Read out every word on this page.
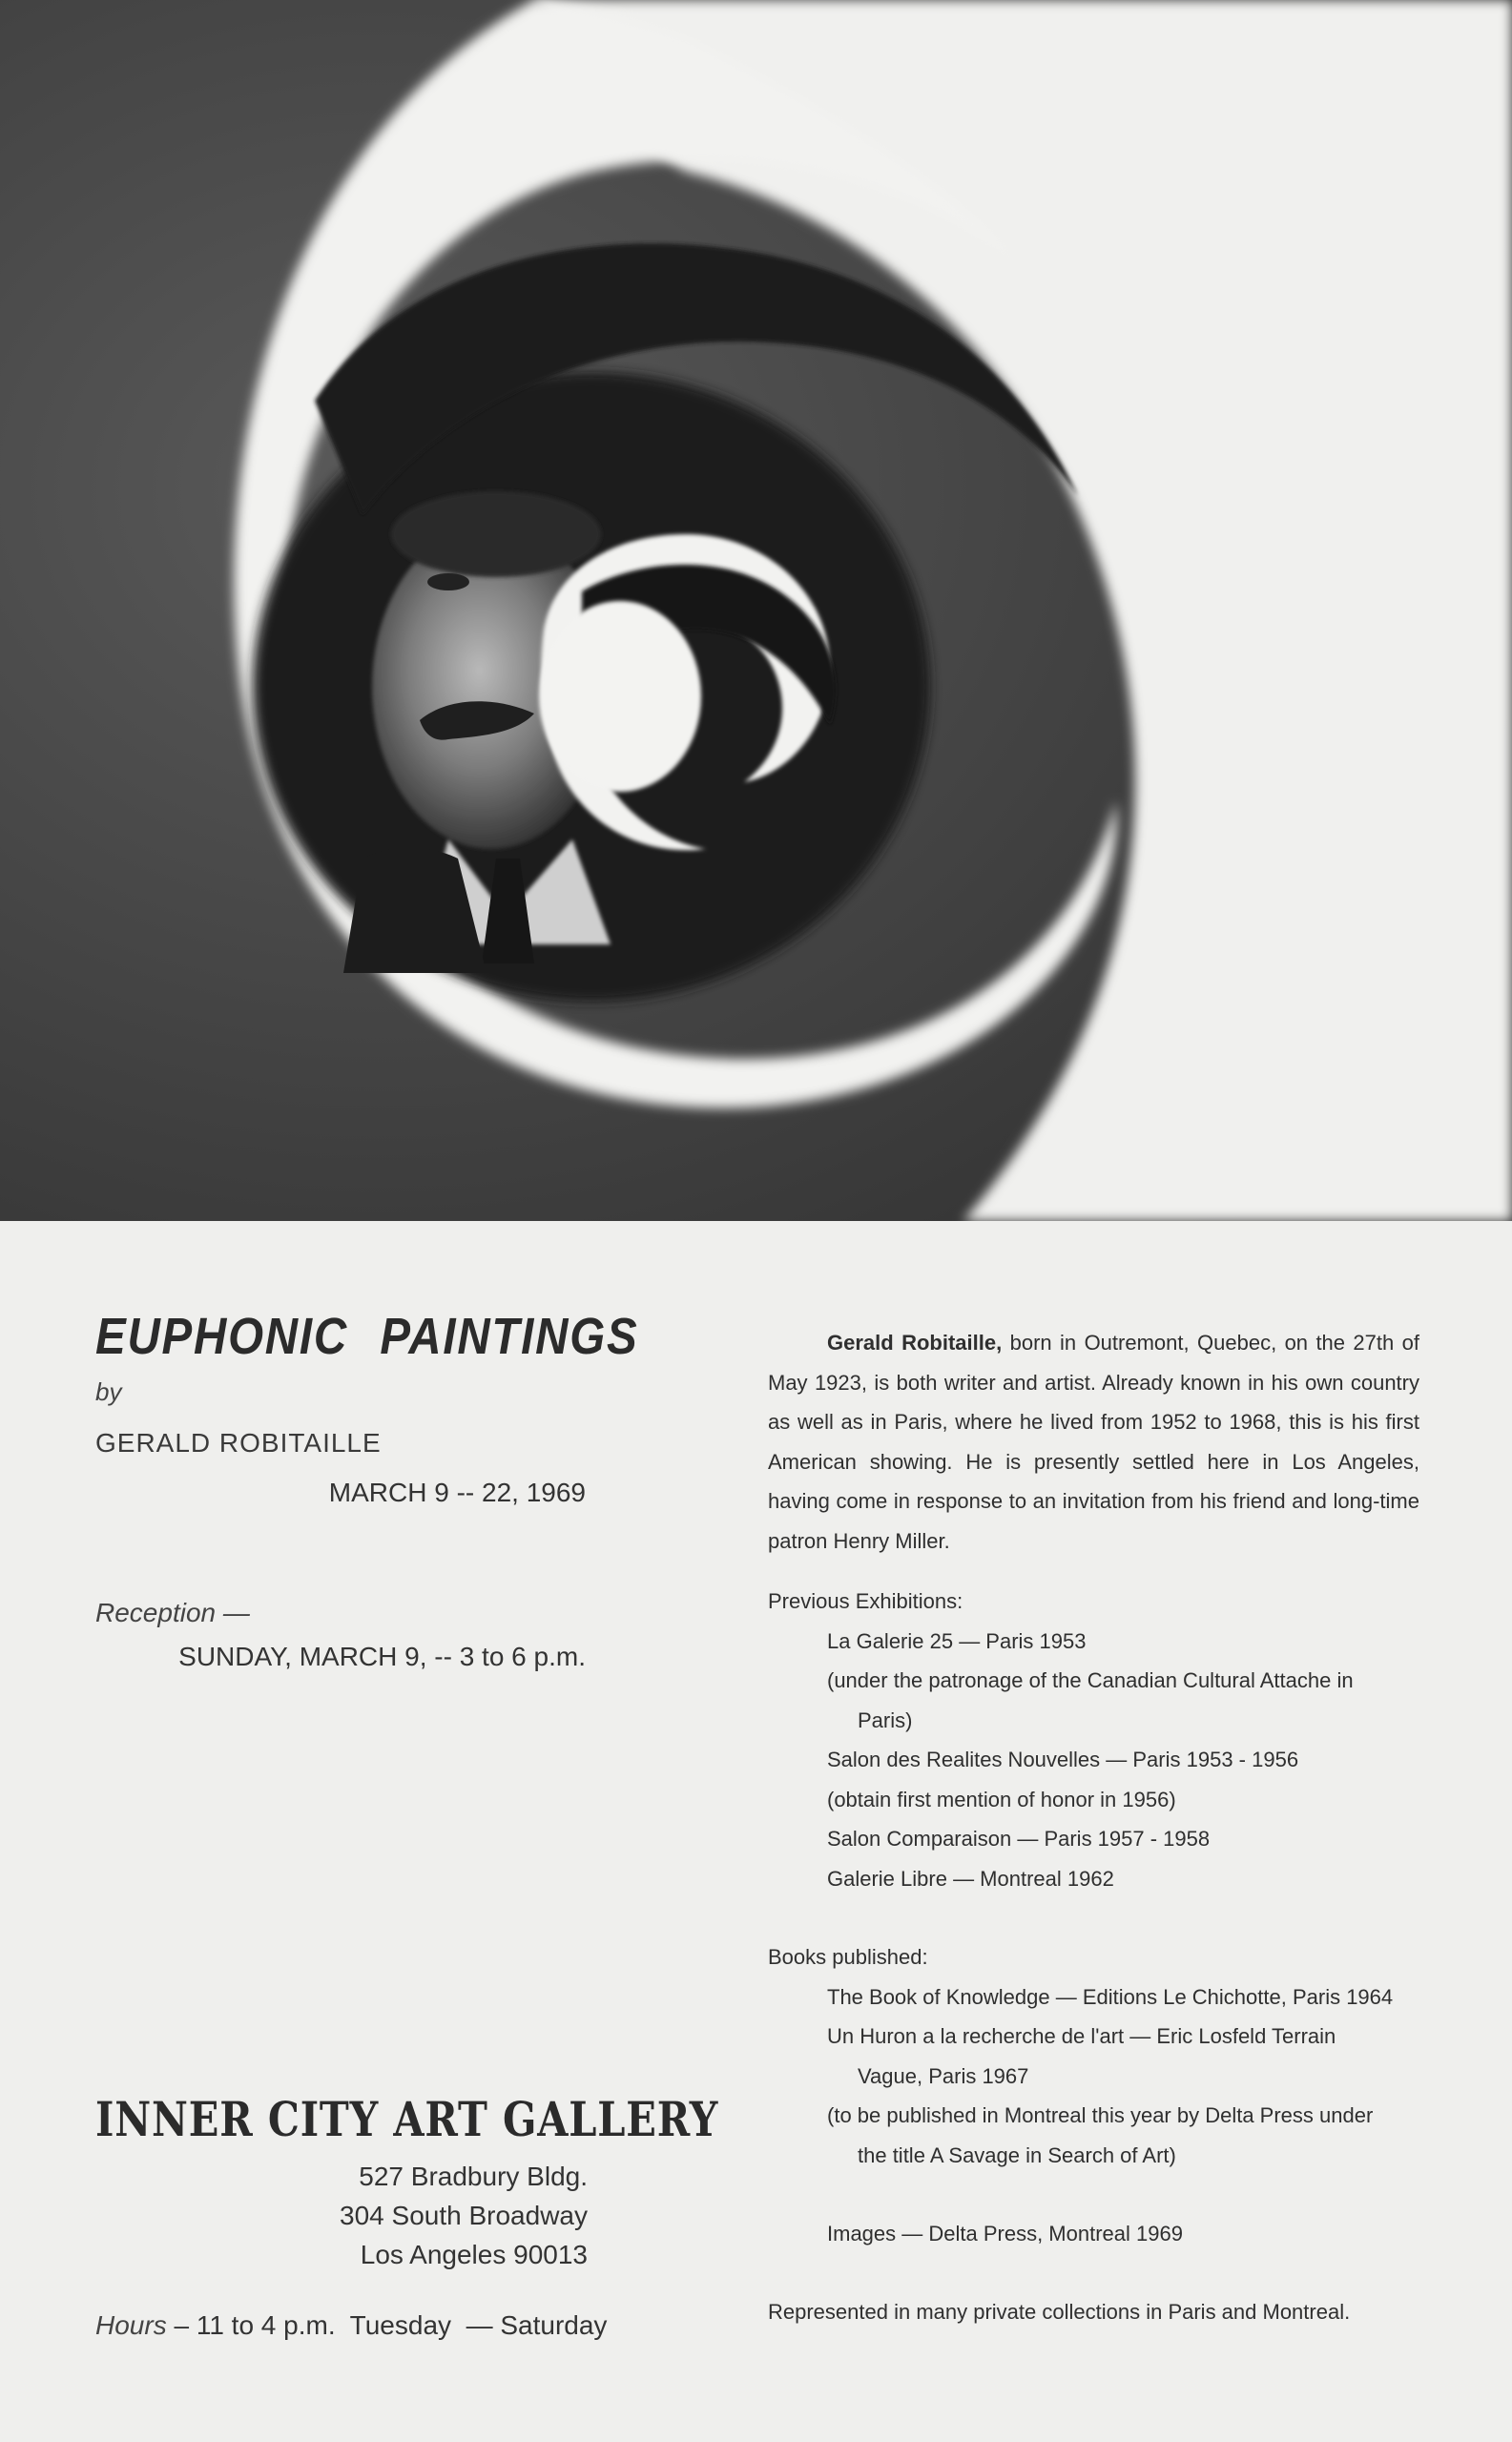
EUPHONIC PAINTINGS
by
GERALD ROBITAILLE
MARCH 9 -- 22, 1969
Reception —
SUNDAY, MARCH 9, -- 3 to 6 p.m.
INNER CITY ART GALLERY
527 Bradbury Bldg.
304 South Broadway
Los Angeles 90013
Hours – 11 to 4 p.m.  Tuesday  — Saturday

Gerald Robitaille, born in Outremont, Quebec, on the 27th of May 1923, is both writer and artist. Already known in his own country as well as in Paris, where he lived from 1952 to 1968, this is his first American showing. He is presently settled here in Los Angeles, having come in response to an invitation from his friend and long-time patron Henry Miller.

Previous Exhibitions:
La Galerie 25 — Paris 1953
(under the patronage of the Canadian Cultural Attache in
Paris)
Salon des Realites Nouvelles — Paris 1953 - 1956
(obtain first mention of honor in 1956)
Salon Comparaison — Paris 1957 - 1958
Galerie Libre — Montreal 1962
Books published:
The Book of Knowledge — Editions Le Chichotte, Paris 1964
Un Huron a la recherche de l'art — Eric Losfeld Terrain
Vague, Paris 1967
(to be published in Montreal this year by Delta Press under
the title A Savage in Search of Art)
Images — Delta Press, Montreal 1969
Represented in many private collections in Paris and Montreal.
